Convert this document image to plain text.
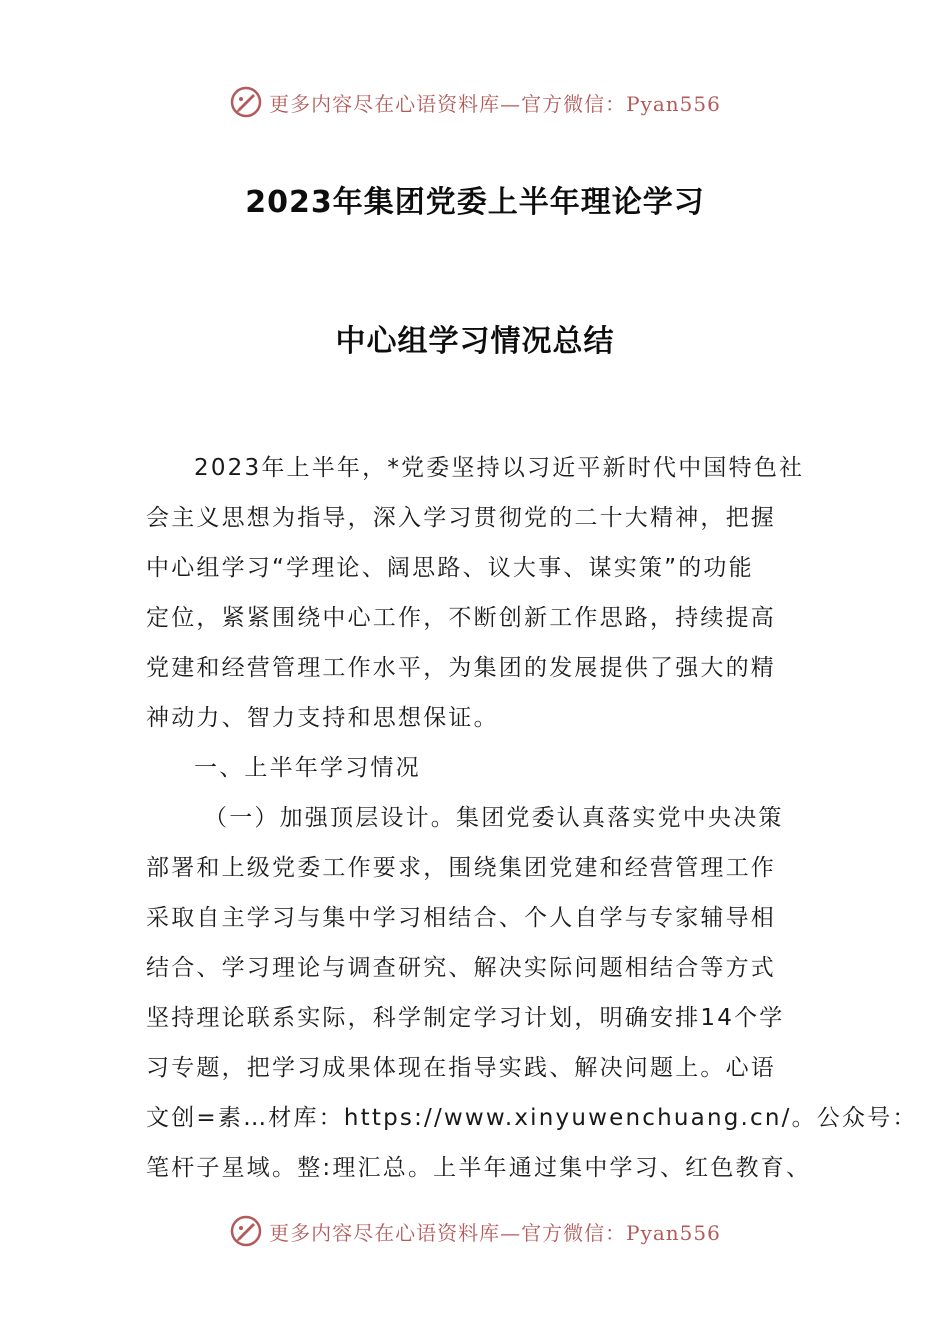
更多内容尽在心语资料库—官方微信：Pyan556
2023年集团党委上半年理论学习
中心组学习情况总结
2023年上半年，*党委坚持以习近平新时代中国特色社
会主义思想为指导，深入学习贯彻党的二十大精神，把握
中心组学习“学理论、阔思路、议大事、谋实策”的功能
定位，紧紧围绕中心工作，不断创新工作思路，持续提高
党建和经营管理工作水平，为集团的发展提供了强大的精
神动力、智力支持和思想保证。
一、上半年学习情况
（一）加强顶层设计。集团党委认真落实党中央决策
部署和上级党委工作要求，围绕集团党建和经营管理工作
采取自主学习与集中学习相结合、个人自学与专家辅导相
结合、学习理论与调查研究、解决实际问题相结合等方式
坚持理论联系实际，科学制定学习计划，明确安排14个学
习专题，把学习成果体现在指导实践、解决问题上。心语
文创=素…材库：https://www.xinyuwenchuang.cn/。公众号：
笔杆子星域。整:理汇总。上半年通过集中学习、红色教育、
更多内容尽在心语资料库—官方微信：Pyan556
